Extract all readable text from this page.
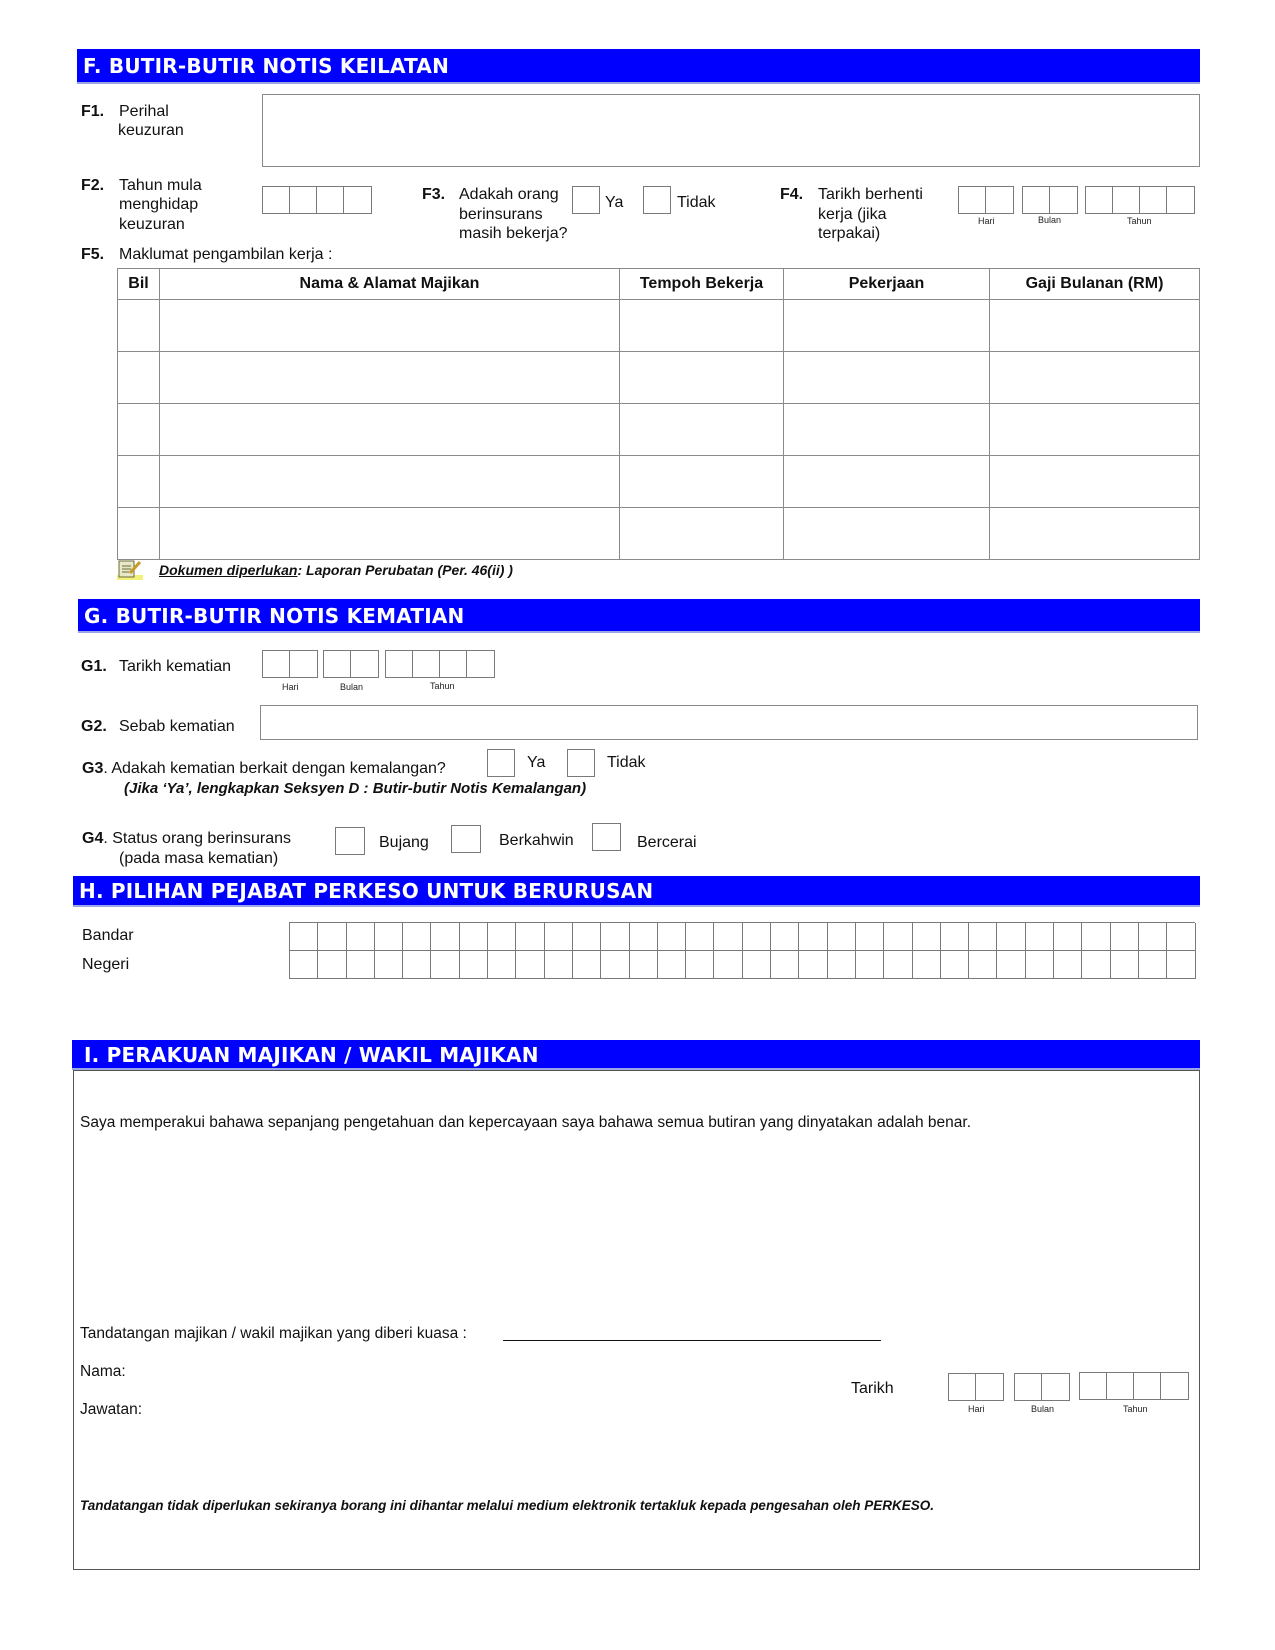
F. BUTIR-BUTIR NOTIS KEILATAN
F1. Perihal
keuzuran
F2. Tahun mula
menghidap
keuzuran
F3. Adakah orang
berinsurans
masih bekerja?
Ya	Tidak	F4. Tarikh berhenti
kerja (jika
terpakai)
Hari	Bulan	Tahun
F5. Maklumat pengambilan kerja :
Bil	Nama & Alamat Majikan	Tempoh Bekerja	Pekerjaan	Gaji Bulanan (RM)

Dokumen diperlukan: Laporan Perubatan (Per. 46(ii) )
G. BUTIR-BUTIR NOTIS KEMATIAN
G1. Tarikh kematian
Hari	Bulan	Tahun
G2. Sebab kematian
G3. Adakah kematian berkait dengan kemalangan?	Ya	Tidak
(Jika ‘Ya’, lengkapkan Seksyen D : Butir-butir Notis Kemalangan)
G4. Status orang berinsurans
(pada masa kematian)
Bujang	Berkahwin	Bercerai
H. PILIHAN PEJABAT PERKESO UNTUK BERURUSAN
Bandar
Negeri
I. PERAKUAN MAJIKAN / WAKIL MAJIKAN
Saya memperakui bahawa sepanjang pengetahuan dan kepercayaan saya bahawa semua butiran yang dinyatakan adalah benar.
Tandatangan majikan / wakil majikan yang diberi kuasa :
Nama:
Jawatan:
Tarikh
Hari	Bulan	Tahun
Tandatangan tidak diperlukan sekiranya borang ini dihantar melalui medium elektronik tertakluk kepada pengesahan oleh PERKESO.
